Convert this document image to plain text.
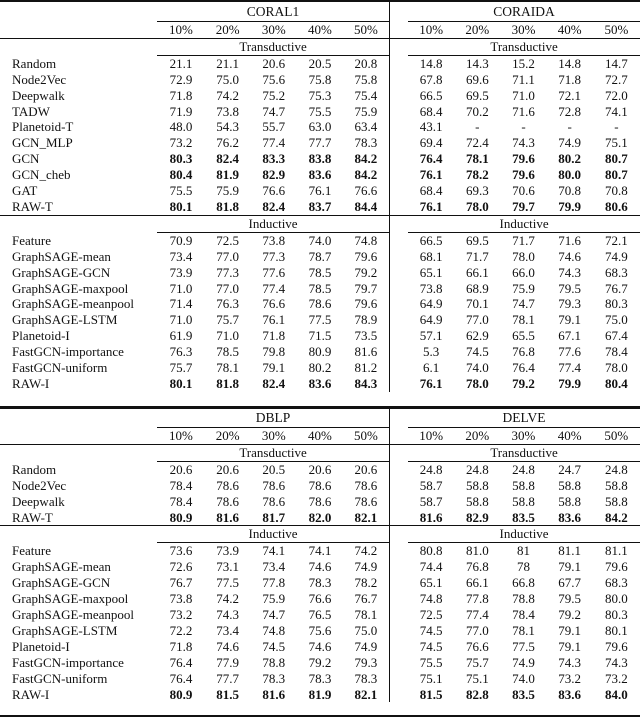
	CORAL1						CORAIDA				
	10%	20%	30%	40%	50%		10%	20%	30%	40%	50%
	Transductive						Transductive				
Random	21.1	21.1	20.6	20.5	20.8		14.8	14.3	15.2	14.8	14.7
Node2Vec	72.9	75.0	75.6	75.8	75.8		67.8	69.6	71.1	71.8	72.7
Deepwalk	71.8	74.2	75.2	75.3	75.4		66.5	69.5	71.0	72.1	72.0
TADW	71.9	73.8	74.7	75.5	75.9		68.4	70.2	71.6	72.8	74.1
Planetoid-T	48.0	54.3	55.7	63.0	63.4		43.1	-	-	-	-
GCN_MLP	73.2	76.2	77.4	77.7	78.3		69.4	72.4	74.3	74.9	75.1
GCN	80.3	82.4	83.3	83.8	84.2		76.4	78.1	79.6	80.2	80.7
GCN_cheb	80.4	81.9	82.9	83.6	84.2		76.1	78.2	79.6	80.0	80.7
GAT	75.5	75.9	76.6	76.1	76.6		68.4	69.3	70.6	70.8	70.8
RAW-T	80.1	81.8	82.4	83.7	84.4		76.1	78.0	79.7	79.9	80.6
	Inductive						Inductive				
Feature	70.9	72.5	73.8	74.0	74.8		66.5	69.5	71.7	71.6	72.1
GraphSAGE-mean	73.4	77.0	77.3	78.7	79.6		68.1	71.7	78.0	74.6	74.9
GraphSAGE-GCN	73.9	77.3	77.6	78.5	79.2		65.1	66.1	66.0	74.3	68.3
GraphSAGE-maxpool	71.0	77.0	77.4	78.5	79.7		73.8	68.9	75.9	79.5	76.7
GraphSAGE-meanpool	71.4	76.3	76.6	78.6	79.6		64.9	70.1	74.7	79.3	80.3
GraphSAGE-LSTM	71.0	75.7	76.1	77.5	78.9		64.9	77.0	78.1	79.1	75.0
Planetoid-I	61.9	71.0	71.8	71.5	73.5		57.1	62.9	65.5	67.1	67.4
FastGCN-importance	76.3	78.5	79.8	80.9	81.6		5.3	74.5	76.8	77.6	78.4
FastGCN-uniform	75.7	78.1	79.1	80.2	81.2		6.1	74.0	76.4	77.4	78.0
RAW-I	80.1	81.8	82.4	83.6	84.3		76.1	78.0	79.2	79.9	80.4
	DBLP						DELVE				
	10%	20%	30%	40%	50%		10%	20%	30%	40%	50%
	Transductive						Transductive				
Random	20.6	20.6	20.5	20.6	20.6		24.8	24.8	24.8	24.7	24.8
Node2Vec	78.4	78.6	78.6	78.6	78.6		58.7	58.8	58.8	58.8	58.8
Deepwalk	78.4	78.6	78.6	78.6	78.6		58.7	58.8	58.8	58.8	58.8
RAW-T	80.9	81.6	81.7	82.0	82.1		81.6	82.9	83.5	83.6	84.2
	Inductive						Inductive				
Feature	73.6	73.9	74.1	74.1	74.2		80.8	81.0	81	81.1	81.1
GraphSAGE-mean	72.6	73.1	73.4	74.6	74.9		74.4	76.8	78	79.1	79.6
GraphSAGE-GCN	76.7	77.5	77.8	78.3	78.2		65.1	66.1	66.8	67.7	68.3
GraphSAGE-maxpool	73.8	74.2	75.9	76.6	76.7		74.8	77.8	78.8	79.5	80.0
GraphSAGE-meanpool	73.2	74.3	74.7	76.5	78.1		72.5	77.4	78.4	79.2	80.3
GraphSAGE-LSTM	72.2	73.4	74.8	75.6	75.0		74.5	77.0	78.1	79.1	80.1
Planetoid-I	71.8	74.6	74.5	74.6	74.9		74.5	76.6	77.5	79.1	79.6
FastGCN-importance	76.4	77.9	78.8	79.2	79.3		75.5	75.7	74.9	74.3	74.3
FastGCN-uniform	76.4	77.7	78.3	78.3	78.3		75.1	75.1	74.0	73.2	73.2
RAW-I	80.9	81.5	81.6	81.9	82.1		81.5	82.8	83.5	83.6	84.0
